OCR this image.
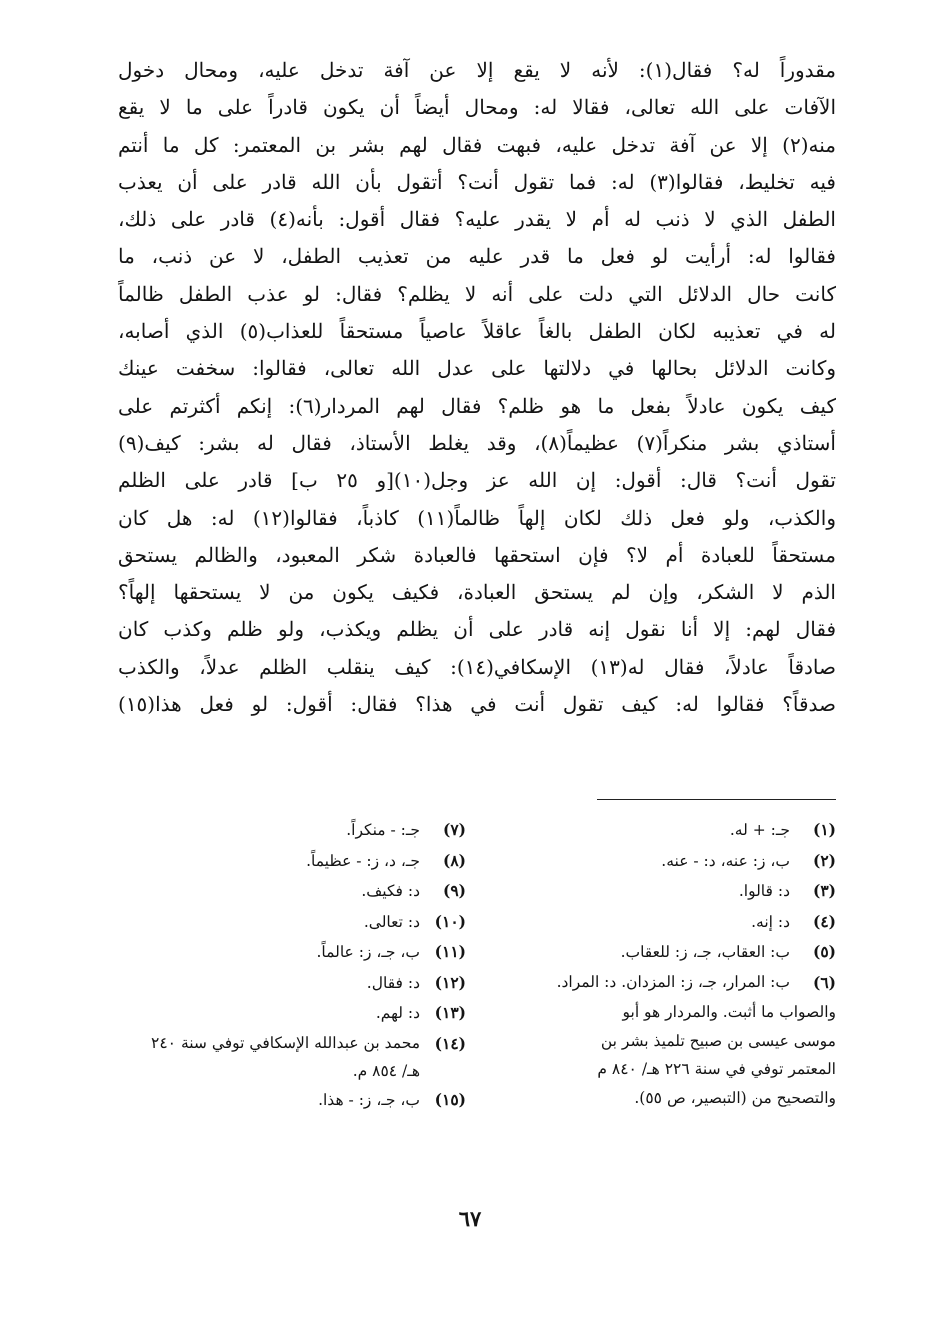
مقدوراً له؟ فقال(١): لأنه لا يقع إلا عن آفة تدخل عليه، ومحال دخول
الآفات على الله تعالى، فقالا له: ومحال أيضاً أن يكون قادراً على ما لا يقع
منه(٢) إلا عن آفة تدخل عليه، فبهت فقال لهم بشر بن المعتمر: كل ما أنتم
فيه تخليط، فقالوا(٣) له: فما تقول أنت؟ أتقول بأن الله قادر على أن يعذب
الطفل الذي لا ذنب له أم لا يقدر عليه؟ فقال أقول: بأنه(٤) قادر على ذلك،
فقالوا له: أرأيت لو فعل ما قدر عليه من تعذيب الطفل، لا عن ذنب، ما
كانت حال الدلائل التي دلت على أنه لا يظلم؟ فقال: لو عذب الطفل ظالماً
له في تعذيبه لكان الطفل بالغاً عاقلاً عاصياً مستحقاً للعذاب(٥) الذي أصابه،
وكانت الدلائل بحالها في دلالتها على عدل الله تعالى، فقالوا: سخفت عينك
كيف يكون عادلاً بفعل ما هو ظلم؟ فقال لهم المردار(٦): إنكم أكثرتم على
أستاذي بشر منكراً(٧) عظيماً(٨)، وقد يغلط الأستاذ، فقال له بشر: كيف(٩)
تقول أنت؟ قال: أقول: إن الله عز وجل(١٠)[و ٢٥ ب] قادر على الظلم
والكذب، ولو فعل ذلك لكان إلهاً ظالماً(١١) كاذباً، فقالوا(١٢) له: هل كان
مستحقاً للعبادة أم لا؟ فإن استحقها فالعبادة شكر المعبود، والظالم يستحق
الذم لا الشكر، وإن لم يستحق العبادة، فكيف يكون من لا يستحقها إلهاً؟
فقال لهم: إلا أنا نقول إنه قادر على أن يظلم ويكذب، ولو ظلم وكذب كان
صادقاً عادلاً، فقال له(١٣) الإسكافي(١٤): كيف ينقلب الظلم عدلاً، والكذب
صدقاً؟ فقالوا له: كيف تقول أنت في هذا؟ فقال: أقول: لو فعل هذا(١٥)
(١)
جـ: + له.
(٢)
ب، ز: عنه، د: - عنه.
(٣)
د: قالوا.
(٤)
د: إنه.
(٥)
ب: العقاب، جـ، ز: للعقاب.
(٦)
ب: المرار، جـ، ز: المزدان. د: المراد.
والصواب ما أثبت. والمردار هو أبو
موسى عيسى بن صبيح تلميذ بشر بن
المعتمر توفي في سنة ٢٢٦ هـ/ ٨٤٠ م
والتصحيح من (التبصير، ص ٥٥).
(٧)
جـ: - منكراً.
(٨)
جـ، د، ز: - عظيماً.
(٩)
د: فكيف.
(١٠)
د: تعالى.
(١١)
ب، جـ، ز: عالماً.
(١٢)
د: فقال.
(١٣)
د: لهم.
(١٤)
محمد بن عبدالله الإسكافي توفي سنة ٢٤٠ هـ/ ٨٥٤ م.
(١٥)
ب، جـ، ز: - هذا.
٦٧
